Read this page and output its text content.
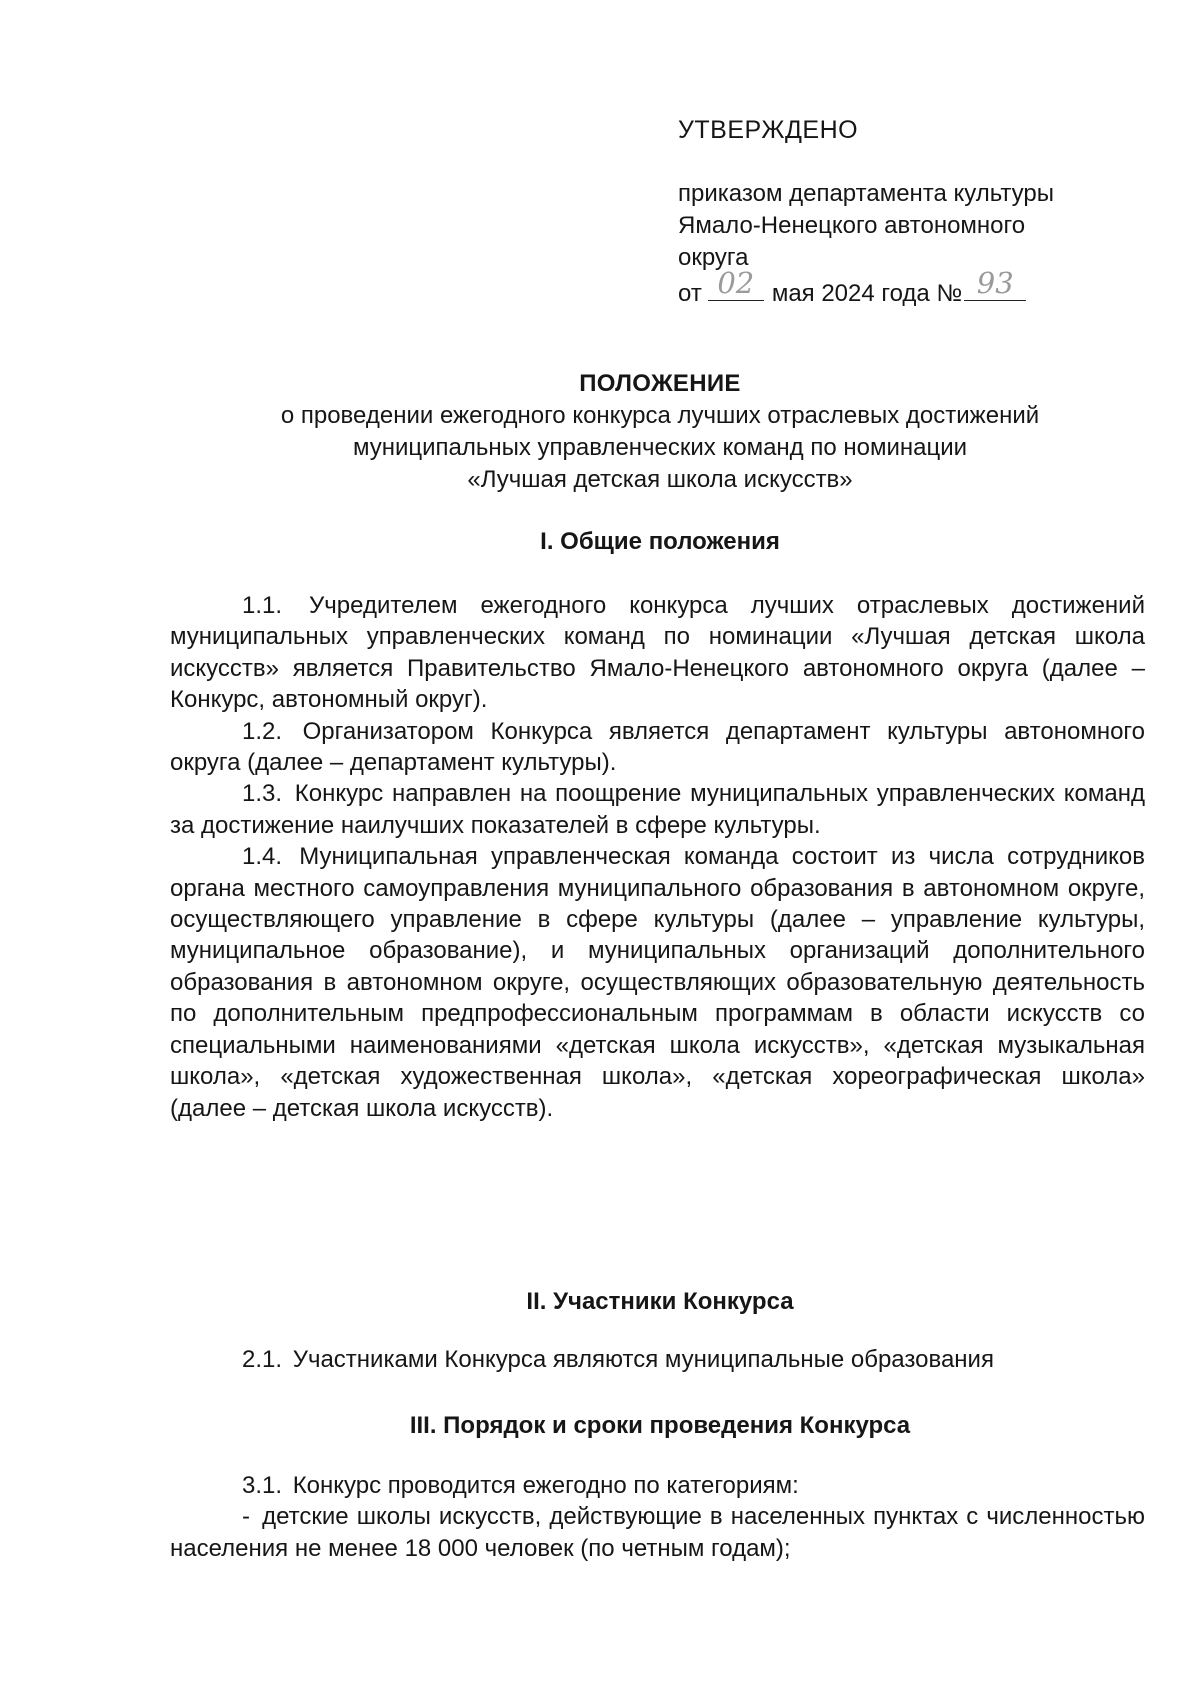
УТВЕРЖДЕНО
приказом департамента культуры
Ямало-Ненецкого автономного
округа
от 02 мая 2024 года № 93
ПОЛОЖЕНИЕ
о проведении ежегодного конкурса лучших отраслевых достижений
муниципальных управленческих команд по номинации
«Лучшая детская школа искусств»
I. Общие положения

1.1. Учредителем ежегодного конкурса лучших отраслевых достижений муниципальных управленческих команд по номинации «Лучшая детская школа искусств» является Правительство Ямало-Ненецкого автономного округа (далее – Конкурс, автономный округ).

1.2. Организатором Конкурса является департамент культуры автономного округа (далее – департамент культуры).

1.3. Конкурс направлен на поощрение муниципальных управленческих команд за достижение наилучших показателей в сфере культуры.

1.4. Муниципальная управленческая команда состоит из числа сотрудников органа местного самоуправления муниципального образования в автономном округе, осуществляющего управление в сфере культуры (далее – управление культуры, муниципальное образование), и муниципальных организаций дополнительного образования в автономном округе, осуществляющих образовательную деятельность по дополнительным предпрофессиональным программам в области искусств со специальными наименованиями «детская школа искусств», «детская музыкальная школа», «детская художественная школа», «детская хореографическая школа» (далее – детская школа искусств).

II. Участники Конкурса

2.1. Участниками Конкурса являются муниципальные образования

III. Порядок и сроки проведения Конкурса

3.1. Конкурс проводится ежегодно по категориям:

- детские школы искусств, действующие в населенных пунктах с численностью населения не менее 18 000 человек (по четным годам);
